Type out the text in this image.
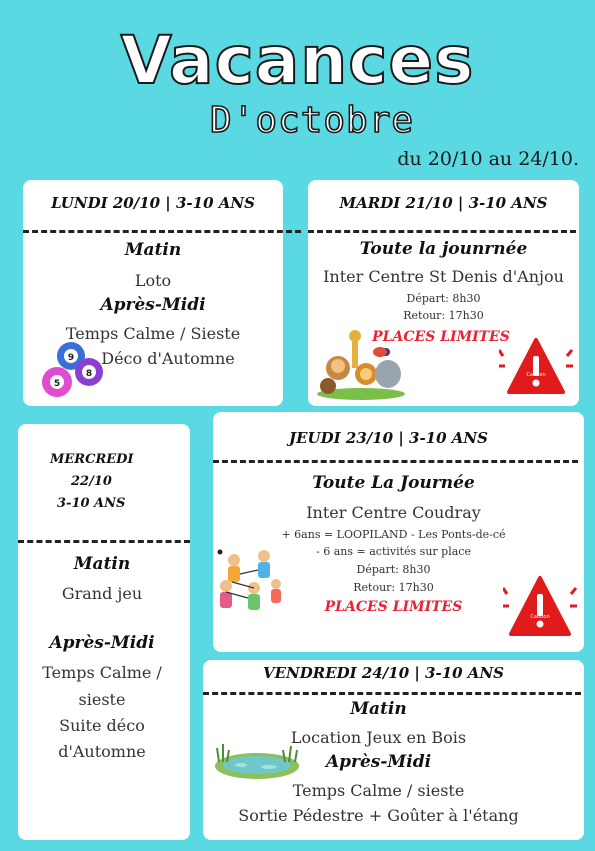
Vacances
D'octobre
du 20/10 au 24/10.
LUNDI 20/10 | 3-10 ANS
Matin
Loto
Après-Midi
Temps Calme / Sieste
Déco d'Automne
9
8
5
MARDI 21/10 | 3-10 ANS
Toute la jounrnée
Inter Centre St Denis d'Anjou
Départ: 8h30
Retour: 17h30
PLACES LIMITES
Caution
MERCREDI
22/10
3-10 ANS
Matin
Grand jeu
Après-Midi
Temps Calme /
sieste
Suite déco
d'Automne
JEUDI 23/10 | 3-10 ANS
Toute La Journée
Inter Centre Coudray
+ 6ans = LOOPILAND - Les Ponts-de-cé
- 6 ans = activités sur place
Départ: 8h30
Retour: 17h30
PLACES LIMITES
Caution
VENDREDI 24/10 | 3-10 ANS
Matin
Location Jeux en Bois
Après-Midi
Temps Calme / sieste
Sortie Pédestre + Goûter à l'étang
